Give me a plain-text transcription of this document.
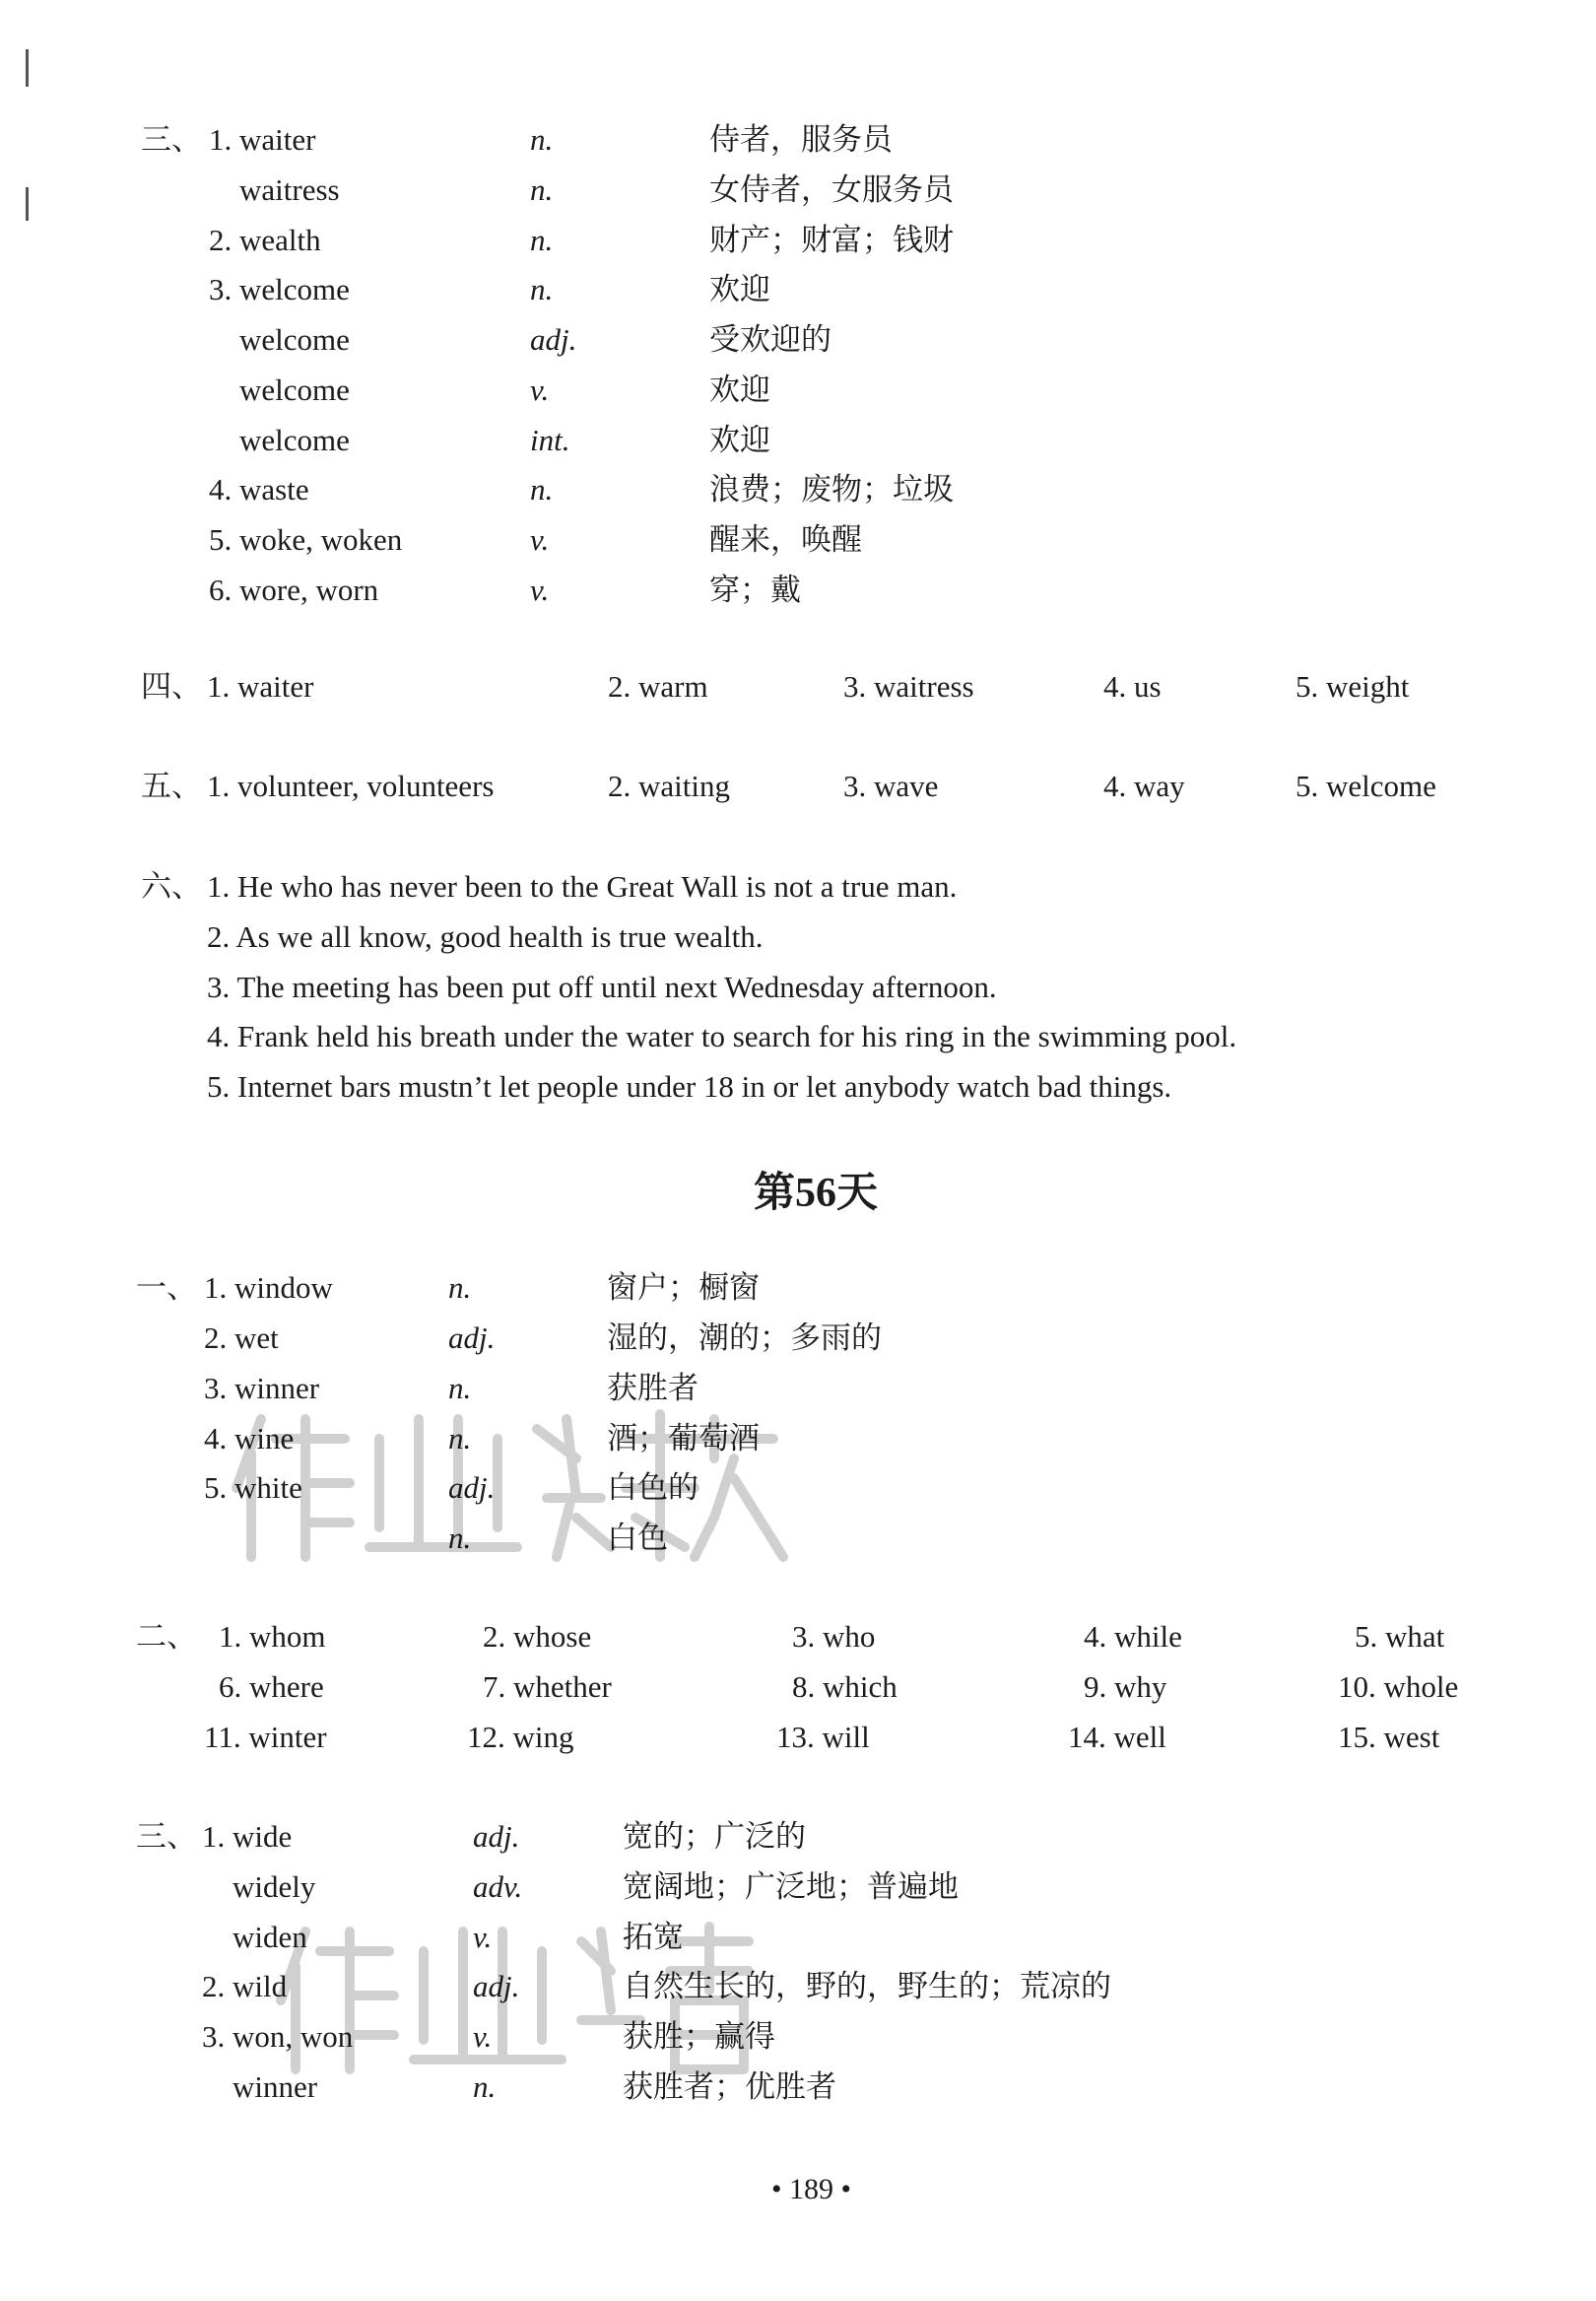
三、 1. waiter	n.	侍者，服务员
waitress	n.	女侍者，女服务员
2. wealth	n.	财产；财富；钱财
3. welcome	n.	欢迎
welcome	adj.	受欢迎的
welcome	v.	欢迎
welcome	int.	欢迎
4. waste	n.	浪费；废物；垃圾
5. woke, woken	v.	醒来，唤醒
6. wore, worn	v.	穿；戴
四、 1. waiter	2. warm	3. waitress	4. us	5. weight
五、 1. volunteer, volunteers	2. waiting	3. wave	4. way	5. welcome
六、 1. He who has never been to the Great Wall is not a true man.
2. As we all know, good health is true wealth.
3. The meeting has been put off until next Wednesday afternoon.
4. Frank held his breath under the water to search for his ring in the swimming pool.
5. Internet bars mustn’t let people under 18 in or let anybody watch bad things.
第56天
一、 1. window	n.	窗户；橱窗
2. wet	adj.	湿的，潮的；多雨的
3. winner	n.	获胜者
4. wine	n.	酒；葡萄酒
5. white	adj.	白色的
n.	白色
二、 1. whom	2. whose	3. who	4. while	5. what
6. where	7. whether	8. which	9. why	10. whole
11. winter	12. wing	13. will	14. well	15. west
三、 1. wide	adj.	宽的；广泛的
widely	adv.	宽阔地；广泛地；普遍地
widen	v.	拓宽
2. wild	adj.	自然生长的，野的，野生的；荒凉的
3. won, won	v.	获胜；赢得
winner	n.	获胜者；优胜者
• 189 •
